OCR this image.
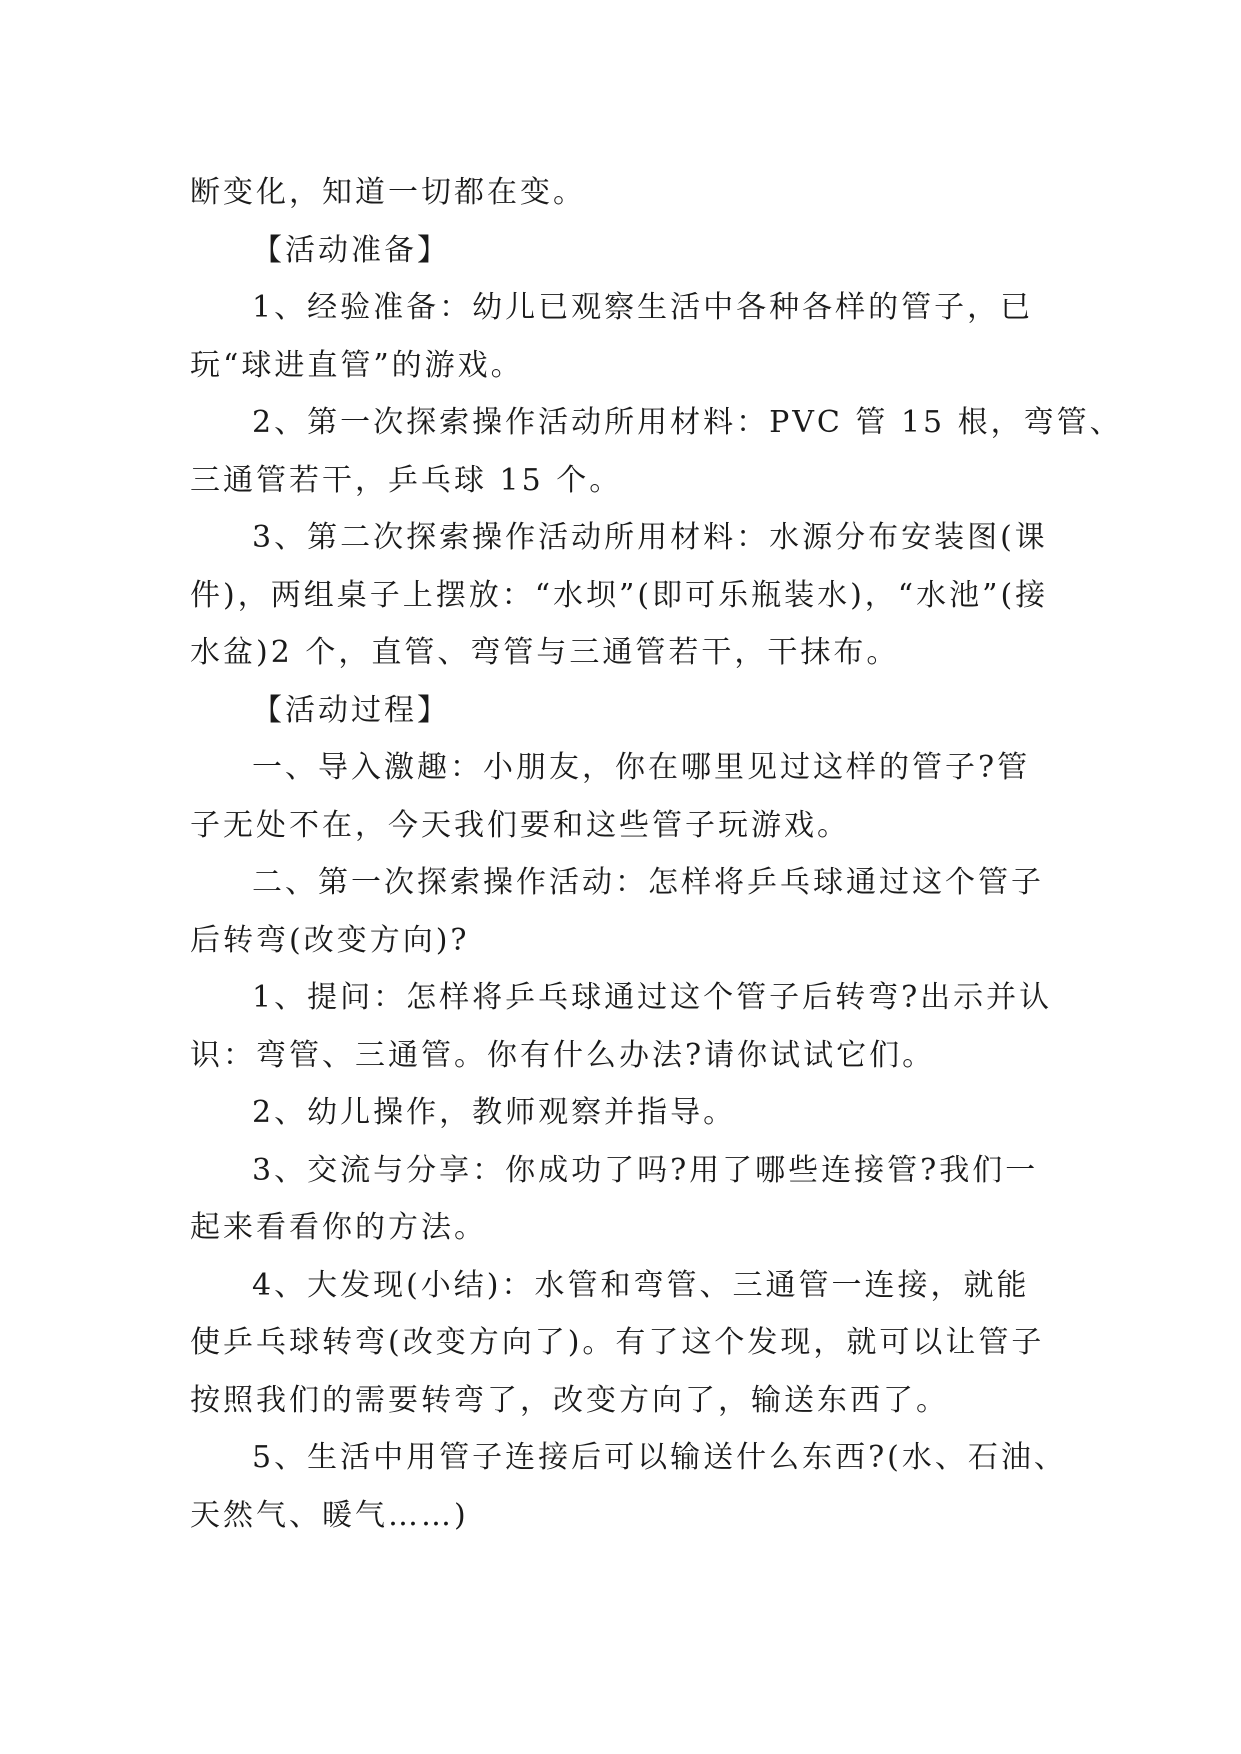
断变化，知道一切都在变。
【活动准备】
1、经验准备：幼儿已观察生活中各种各样的管子，已
玩“球进直管”的游戏。
2、第一次探索操作活动所用材料：PVC 管 15 根，弯管、
三通管若干，乒乓球 15 个。
3、第二次探索操作活动所用材料：水源分布安装图(课
件)，两组桌子上摆放：“水坝”(即可乐瓶装水)，“水池”(接
水盆)2 个，直管、弯管与三通管若干，干抹布。
【活动过程】
一、导入激趣：小朋友，你在哪里见过这样的管子?管
子无处不在，今天我们要和这些管子玩游戏。
二、第一次探索操作活动：怎样将乒乓球通过这个管子
后转弯(改变方向)?
1、提问：怎样将乒乓球通过这个管子后转弯?出示并认
识：弯管、三通管。你有什么办法?请你试试它们。
2、幼儿操作，教师观察并指导。
3、交流与分享：你成功了吗?用了哪些连接管?我们一
起来看看你的方法。
4、大发现(小结)：水管和弯管、三通管一连接，就能
使乒乓球转弯(改变方向了)。有了这个发现，就可以让管子
按照我们的需要转弯了，改变方向了，输送东西了。
5、生活中用管子连接后可以输送什么东西?(水、石油、
天然气、暖气……)
